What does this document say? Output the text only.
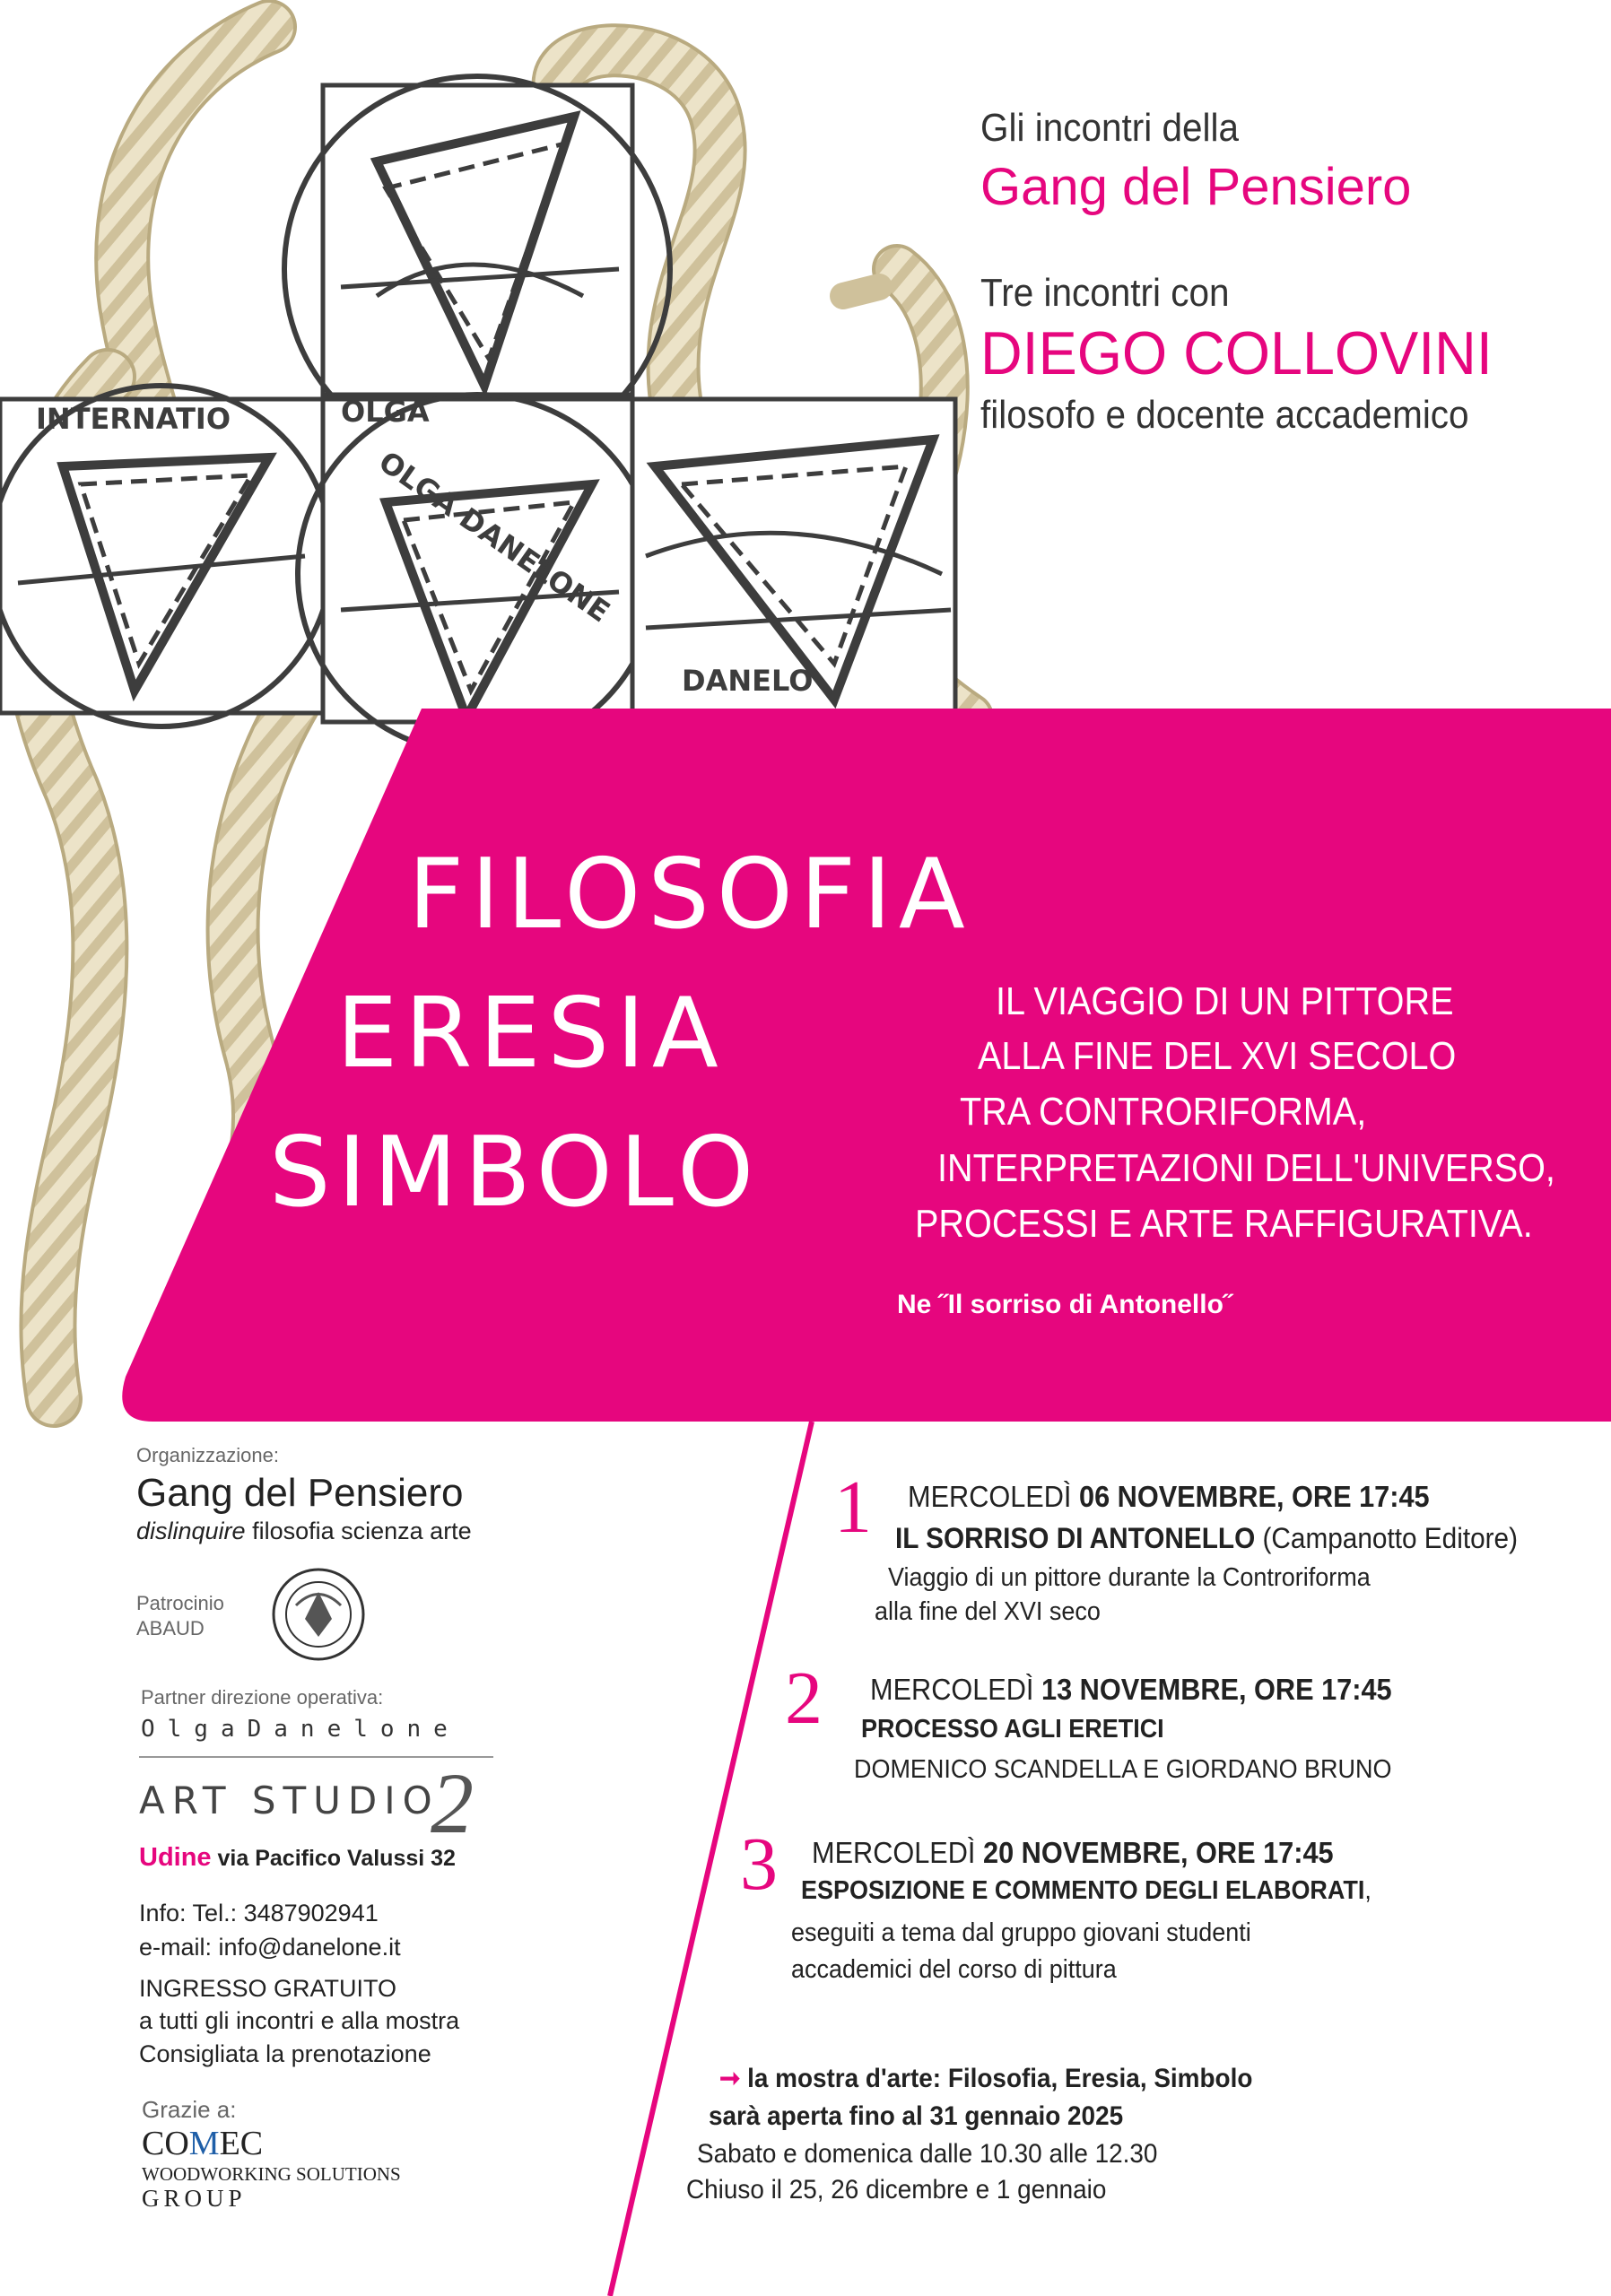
INTERNATIO	OLGA
OLGA DANELONE
DANELO
Gli incontri della
Gang del Pensiero
Tre incontri con
DIEGO COLLOVINI
filosofo e docente accademico
FILOSOFIA
ERESIA
SIMBOLO
IL VIAGGIO DI UN PITTORE
ALLA FINE DEL XVI SECOLO
TRA CONTRORIFORMA,
INTERPRETAZIONI DELL'UNIVERSO,
PROCESSI E ARTE RAFFIGURATIVA.
Ne ˝Il sorriso di Antonello˝
Organizzazione:
Gang del Pensiero
dislinquire filosofia scienza arte
Patrocinio
ABAUD
Partner direzione operativa:
OlgaDanelone
ART STUDIO
2
Udine via Pacifico Valussi 32
Info: Tel.: 3487902941
e-mail: info@danelone.it
INGRESSO GRATUITO
a tutti gli incontri e alla mostra
Consigliata la prenotazione
Grazie a:
COMEC
WOODWORKING SOLUTIONS
GROUP
1 MERCOLEDÌ 06 NOVEMBRE, ORE 17:45
IL SORRISO DI ANTONELLO (Campanotto Editore)
Viaggio di un pittore durante la Controriforma
alla fine del XVI seco
2 MERCOLEDÌ 13 NOVEMBRE, ORE 17:45
PROCESSO AGLI ERETICI
DOMENICO SCANDELLA E GIORDANO BRUNO
3 MERCOLEDÌ 20 NOVEMBRE, ORE 17:45
ESPOSIZIONE E COMMENTO DEGLI ELABORATI,
eseguiti a tema dal gruppo giovani studenti
accademici del corso di pittura
➞ la mostra d'arte: Filosofia, Eresia, Simbolo
sarà aperta fino al 31 gennaio 2025
Sabato e domenica dalle 10.30 alle 12.30
Chiuso il 25, 26 dicembre e 1 gennaio
